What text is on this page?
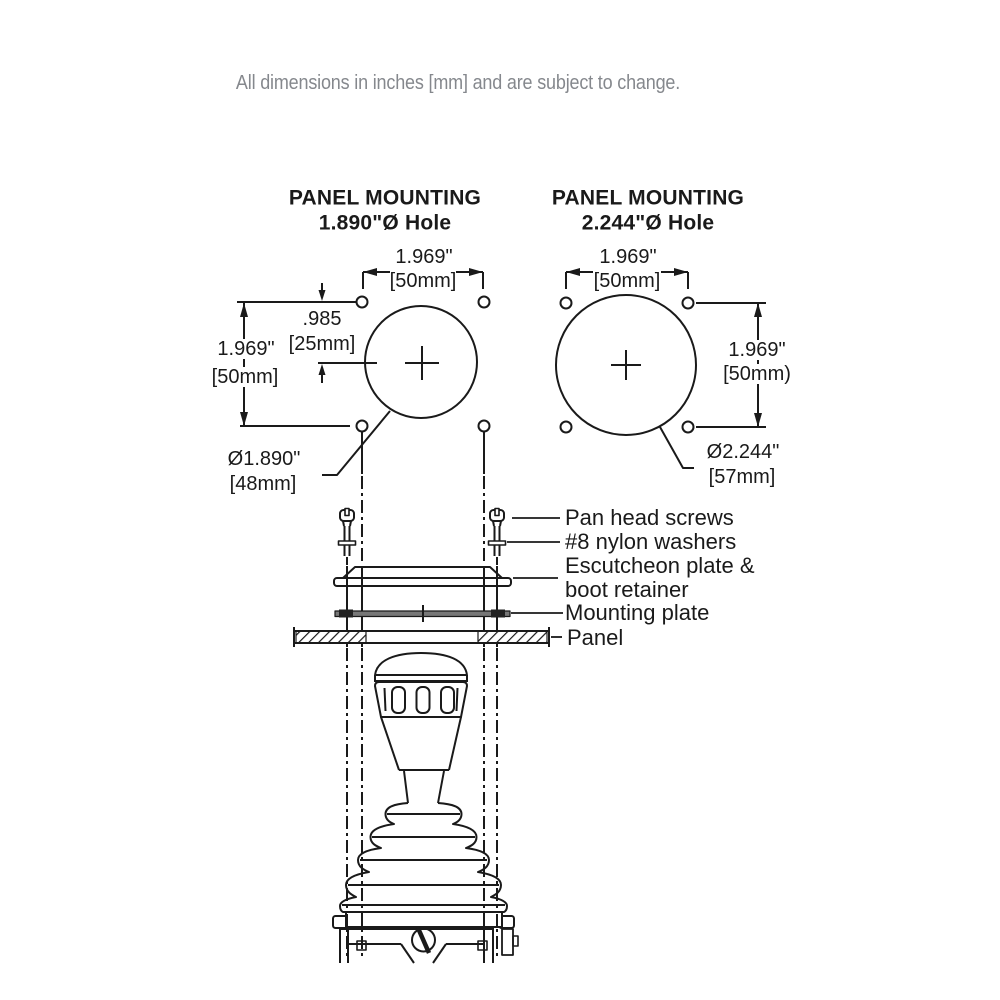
All dimensions in inches [mm] and are subject to change.
PANEL MOUNTING
1.890"Ø Hole
PANEL MOUNTING
2.244"Ø Hole
1.969"
[50mm]
1.969"
[50mm]
.985
[25mm]
Ø1.890"
[48mm]
1.969"
[50mm]
1.969"
[50mm)
Ø2.244"
[57mm]
Pan head screws
#8 nylon washers
Escutcheon plate &
boot retainer
Mounting plate
Panel
